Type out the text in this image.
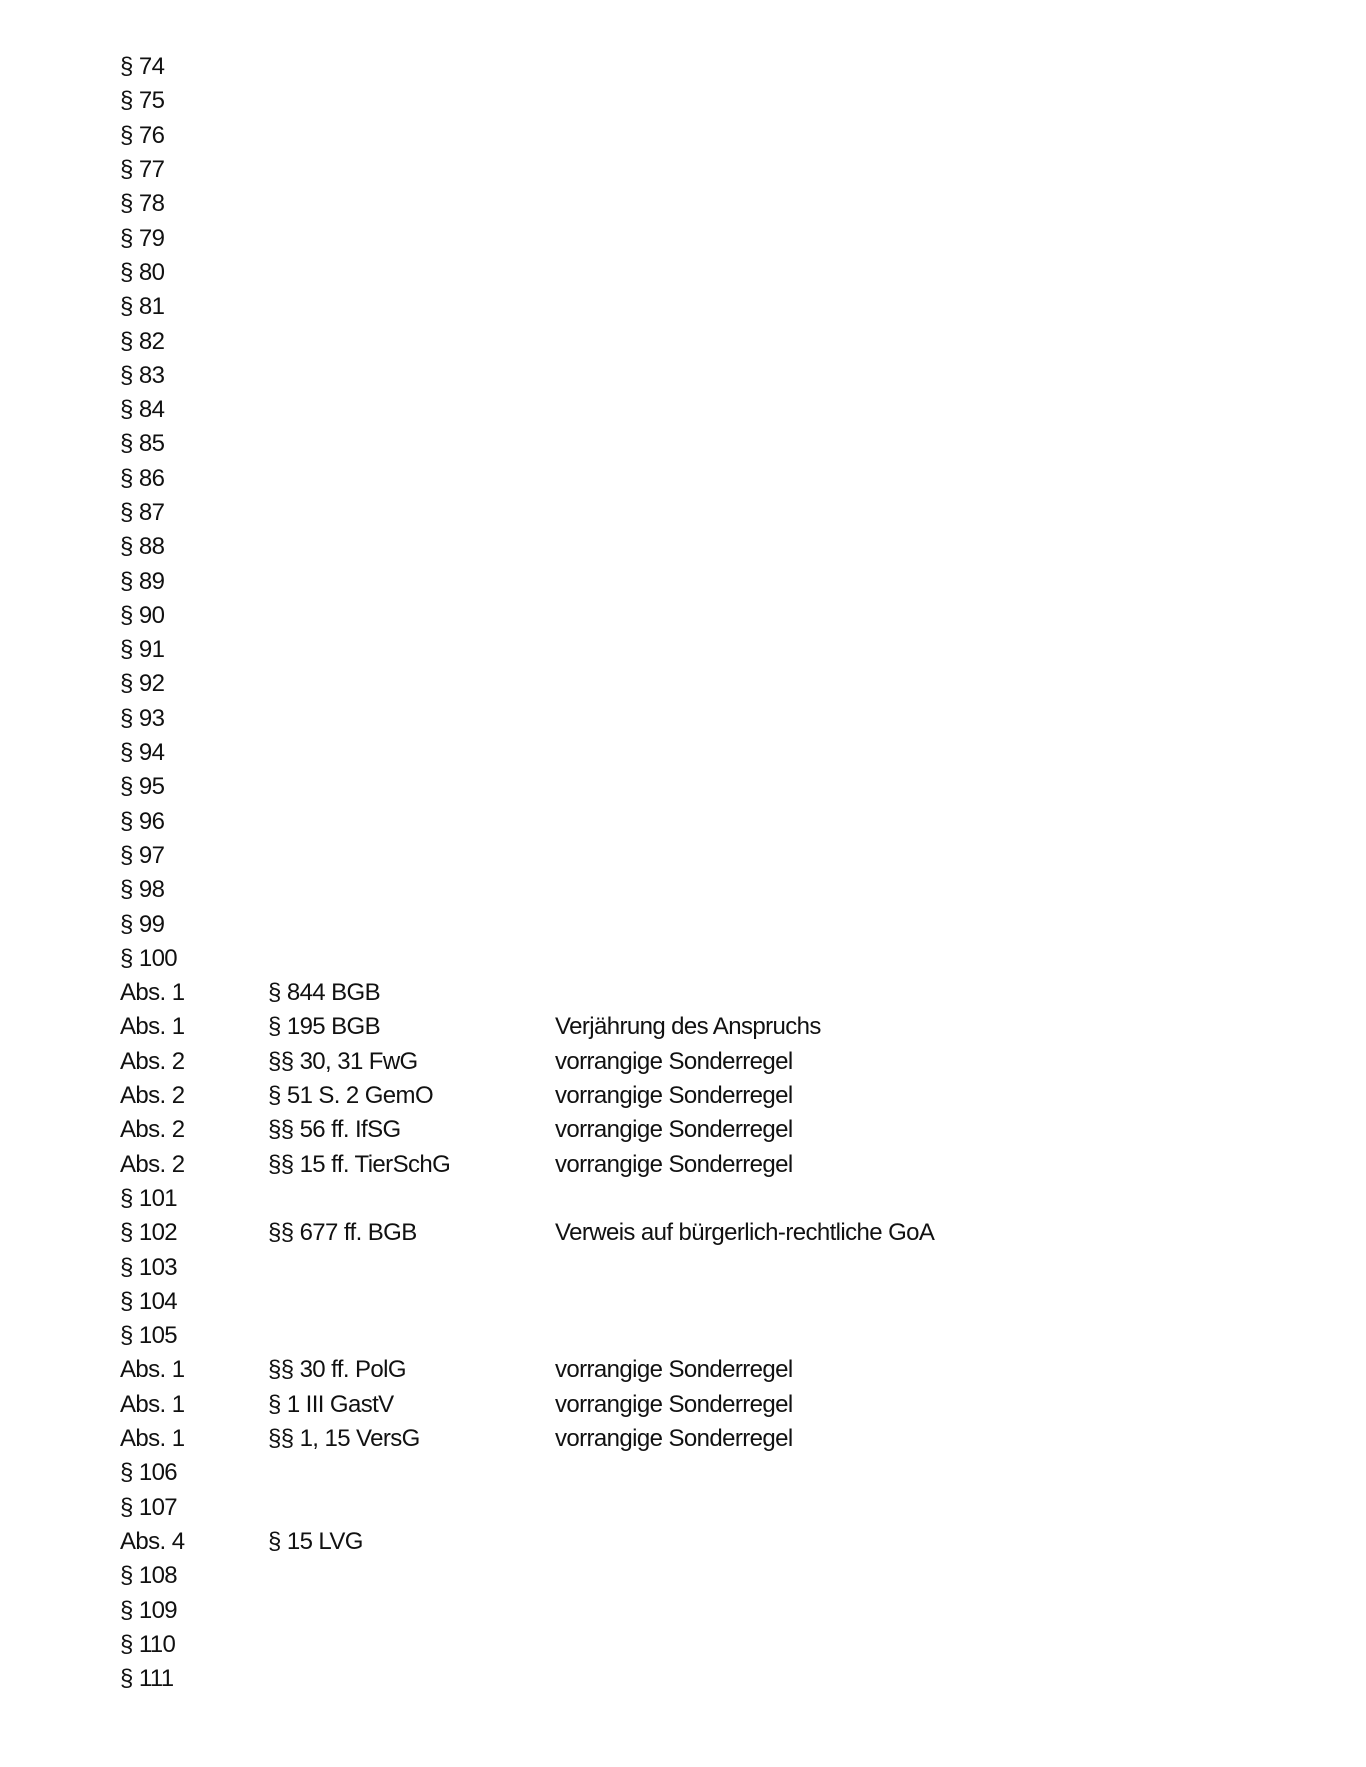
§ 74
§ 75
§ 76
§ 77
§ 78
§ 79
§ 80
§ 81
§ 82
§ 83
§ 84
§ 85
§ 86
§ 87
§ 88
§ 89
§ 90
§ 91
§ 92
§ 93
§ 94
§ 95
§ 96
§ 97
§ 98
§ 99
§ 100
Abs. 1	§ 844 BGB
Abs. 1	§ 195 BGB	Verjährung des Anspruchs
Abs. 2	§§ 30, 31 FwG	vorrangige Sonderregel
Abs. 2	§ 51 S. 2 GemO	vorrangige Sonderregel
Abs. 2	§§ 56 ff. IfSG	vorrangige Sonderregel
Abs. 2	§§ 15 ff. TierSchG	vorrangige Sonderregel
§ 101
§ 102	§§ 677 ff. BGB	Verweis auf bürgerlich-rechtliche GoA
§ 103
§ 104
§ 105
Abs. 1	§§ 30 ff. PolG	vorrangige Sonderregel
Abs. 1	§ 1 III GastV	vorrangige Sonderregel
Abs. 1	§§ 1, 15 VersG	vorrangige Sonderregel
§ 106
§ 107
Abs. 4	§ 15 LVG
§ 108
§ 109
§ 110
§ 111
